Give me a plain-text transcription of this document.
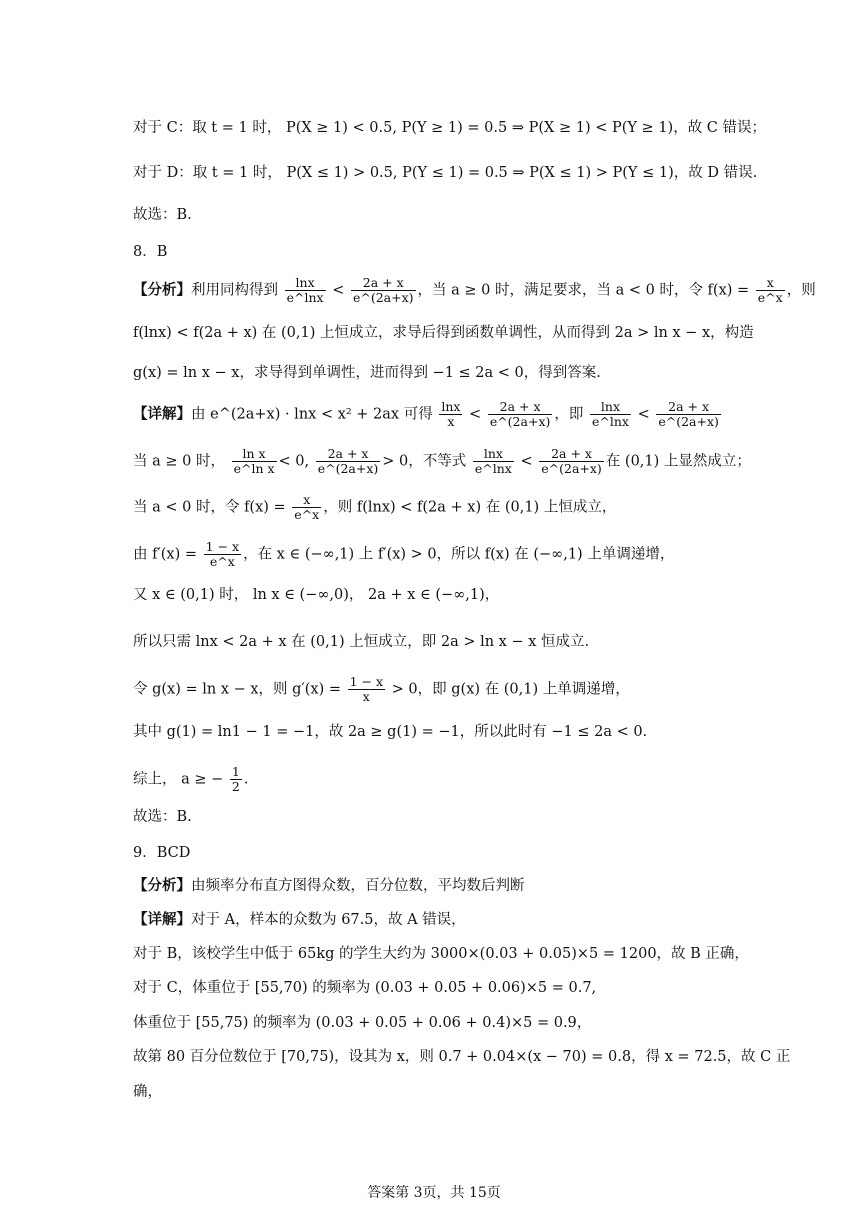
对于 C：取 t = 1 时， P(X ≥ 1) < 0.5, P(Y ≥ 1) = 0.5 ⇒ P(X ≥ 1) < P(Y ≥ 1)，故 C 错误；
对于 D：取 t = 1 时， P(X ≤ 1) > 0.5, P(Y ≤ 1) = 0.5 ⇒ P(X ≤ 1) > P(Y ≤ 1)，故 D 错误.
故选：B.
8．B
【分析】利用同构得到 $\frac{\ln x}{e\^{}\ln x} < \frac{2a + x}{e\^{}(2a+x)}$ ，当 a ≥ 0 时，满足要求，当 a < 0 时，令 $f(x) = \frac{x}{e\^{}x}$ ，则
f(lnx) < f(2a + x) 在 (0,1) 上恒成立，求导后得到函数单调性，从而得到 2a > ln x − x，构造
g(x) = ln x − x，求导得到单调性，进而得到 −1 ≤ 2a < 0，得到答案.
【详解】由 e^(2a+x) · lnx < x² + 2ax 可得 $\frac{\ln x}{x} < \frac{2a + x}{e\^{}(2a+x)}$ ，即 $\frac{\ln x}{e\^{}\ln x} < \frac{2a + x}{e\^{}(2a+x)}$
当 a ≥ 0 时， $\frac{\text{ln x}}{\text{e\textasciicircum{}ln x}} < 0$, $\frac{2a + x}{e\^{}(2a+x)} > 0$，不等式 $\frac{\ln x}{e\^{}\ln x} < \frac{2a + x}{e\^{}(2a+x)}$ 在 (0,1) 上显然成立；
当 a < 0 时，令 $f(x) = \frac{x}{e\^{}x}$ ，则 f(lnx) < f(2a + x) 在 (0,1) 上恒成立，
由 $f'(x) = \frac{1 - x}{e\^{}x}$ ，在 x ∈ (−∞,1) 上 f′(x) > 0，所以 f(x) 在 (−∞,1) 上单调递增，
又 x ∈ (0,1) 时， ln x ∈ (−∞,0)， 2a + x ∈ (−∞,1)，
所以只需 lnx < 2a + x 在 (0,1) 上恒成立，即 2a > ln x − x 恒成立.
令 g(x) = ln x − x，则 $g'(x) = \frac{1 - x}{x} > 0$，即 g(x) 在 (0,1) 上单调递增，
其中 g(1) = ln1 − 1 = −1，故 2a ≥ g(1) = −1，所以此时有 −1 ≤ 2a < 0.
综上， a ≥ − $\frac{1}{2}$ .
故选：B.
9．BCD
【分析】由频率分布直方图得众数，百分位数，平均数后判断
【详解】对于 A，样本的众数为 67.5，故 A 错误，
对于 B，该校学生中低于 65kg 的学生大约为 3000×(0.03 + 0.05)×5 = 1200，故 B 正确，
对于 C，体重位于 [55,70) 的频率为 (0.03 + 0.05 + 0.06)×5 = 0.7,
体重位于 [55,75) 的频率为 (0.03 + 0.05 + 0.06 + 0.4)×5 = 0.9，
故第 80 百分位数位于 [70,75)，设其为 x，则 0.7 + 0.04×(x − 70) = 0.8，得 x = 72.5，故 C 正
确，
答案第 3页，共 15页
